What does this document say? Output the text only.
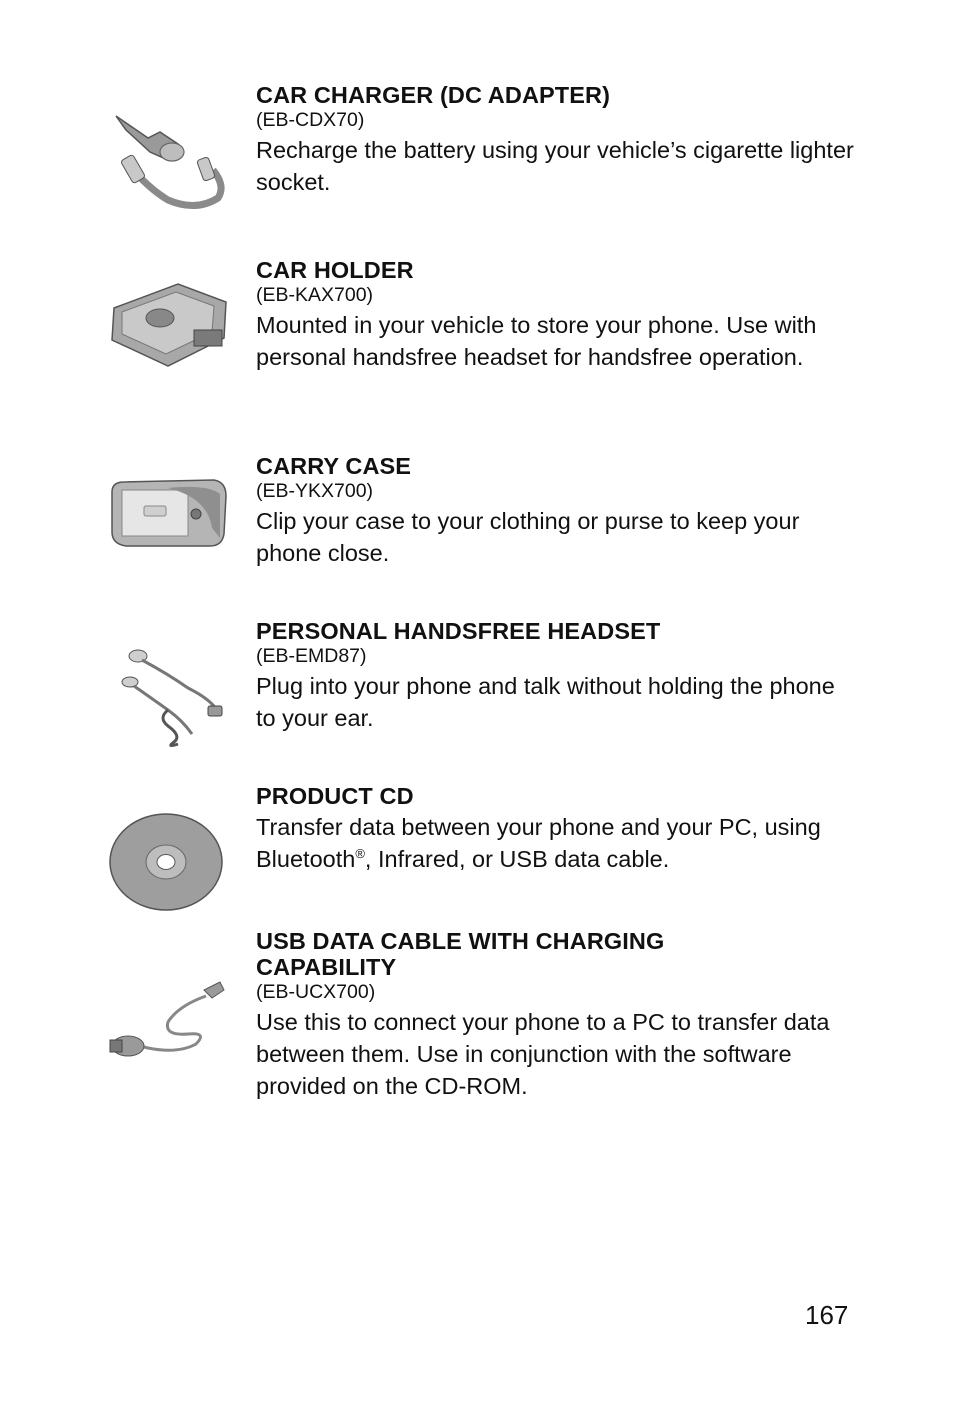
CAR CHARGER (DC ADAPTER)
(EB-CDX70)
Recharge the battery using your vehicle’s cigarette lighter socket.
CAR HOLDER
(EB-KAX700)
Mounted in your vehicle to store your phone. Use with personal handsfree headset for handsfree operation.
CARRY CASE
(EB-YKX700)
Clip your case to your clothing or purse to keep your phone close.
PERSONAL HANDSFREE HEADSET
(EB-EMD87)
Plug into your phone and talk without holding the phone to your ear.
PRODUCT CD
Transfer data between your phone and your PC, using Bluetooth®, Infrared, or USB data cable.
USB DATA CABLE WITH CHARGING CAPABILITY
(EB-UCX700)
Use this to connect your phone to a PC to transfer data between them. Use in conjunction with the software provided on the CD-ROM.
167
